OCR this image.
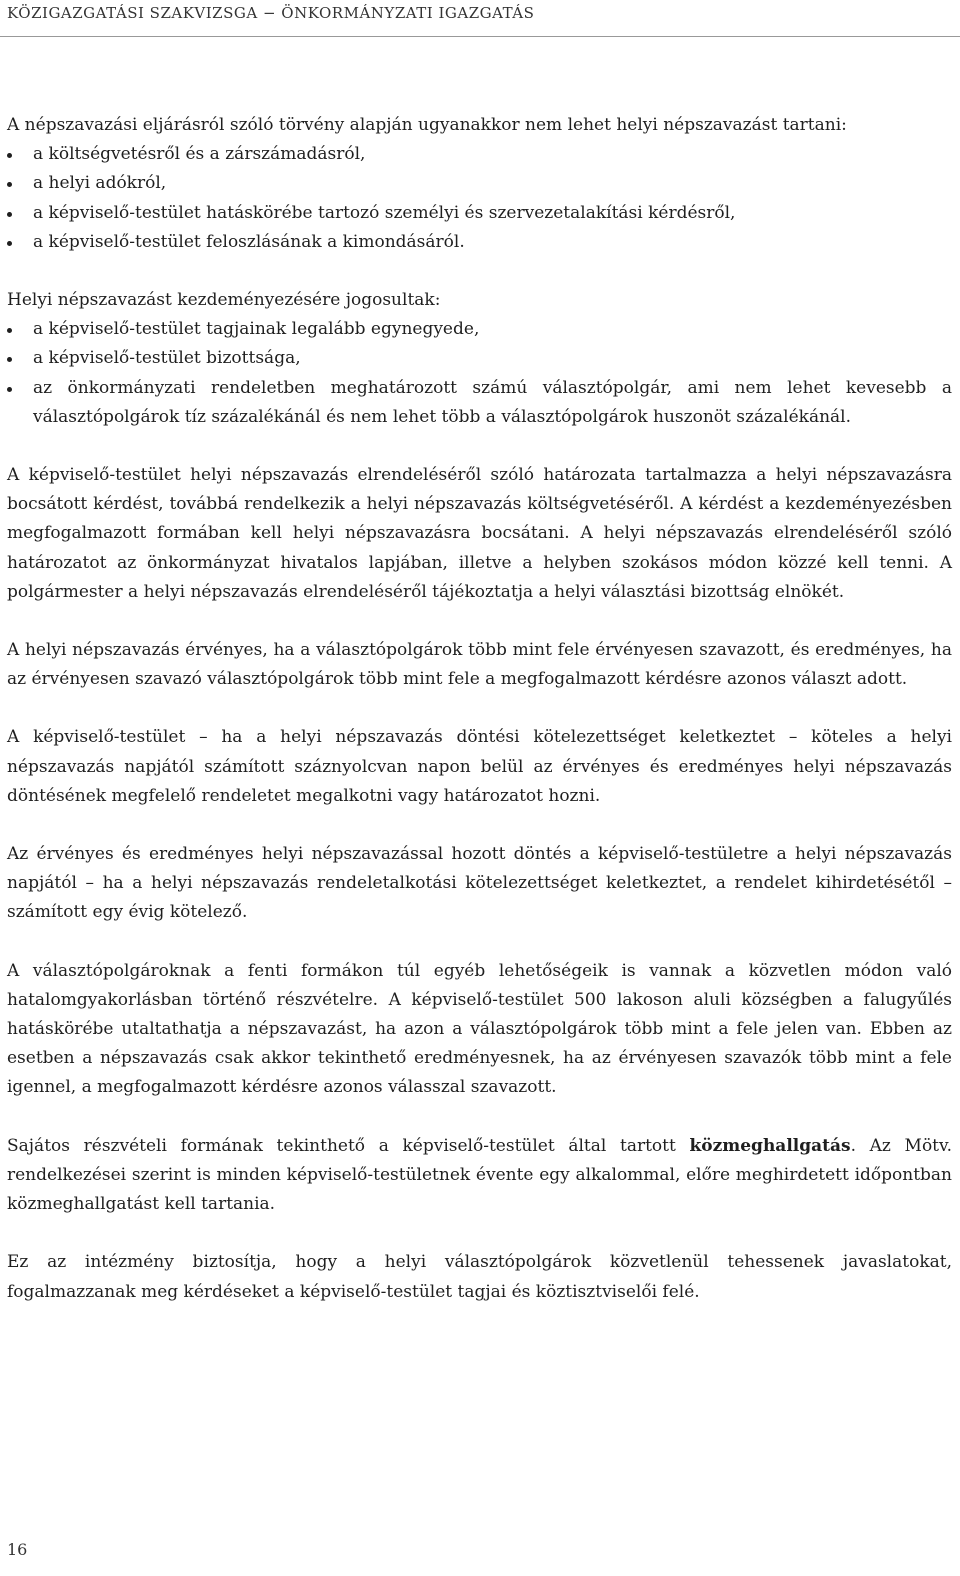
KÖZIGAZGATÁSI SZAKVIZSGA − ÖNKORMÁNYZATI IGAZGATÁS

A népszavazási eljárásról szóló törvény alapján ugyanakkor nem lehet helyi népszavazást tartani:

a költségvetésről és a zárszámadásról,
a helyi adókról,
a képviselő-testület hatáskörébe tartozó személyi és szervezetalakítási kérdésről,
a képviselő-testület feloszlásának a kimondásáról.

Helyi népszavazást kezdeményezésére jogosultak:

a képviselő-testület tagjainak legalább egynegyede,
a képviselő-testület bizottsága,
az önkormányzati rendeletben meghatározott számú választópolgár, ami nem lehet kevesebb a választópolgárok tíz százalékánál és nem lehet több a választópolgárok huszonöt százalékánál.

A képviselő-testület helyi népszavazás elrendeléséről szóló határozata tartalmazza a helyi népszavazásra bocsátott kérdést, továbbá rendelkezik a helyi népszavazás költségvetéséről. A kérdést a kezdeményezésben megfogalmazott formában kell helyi népszavazásra bocsátani. A helyi népszavazás elrendeléséről szóló határozatot az önkormányzat hivatalos lapjában, illetve a helyben szokásos módon közzé kell tenni. A polgármester a helyi népszavazás elrendeléséről tájékoztatja a helyi választási bizottság elnökét.

A helyi népszavazás érvényes, ha a választópolgárok több mint fele érvényesen szavazott, és eredményes, ha az érvényesen szavazó választópolgárok több mint fele a megfogalmazott kérdésre azonos választ adott.

A képviselő-testület – ha a helyi népszavazás döntési kötelezettséget keletkeztet – köteles a helyi népszavazás napjától számított száznyolcvan napon belül az érvényes és eredményes helyi népszavazás döntésének megfelelő rendeletet megalkotni vagy határozatot hozni.

Az érvényes és eredményes helyi népszavazással hozott döntés a képviselő-testületre a helyi népszavazás napjától – ha a helyi népszavazás rendeletalkotási kötelezettséget keletkeztet, a rendelet kihirdetésétől – számított egy évig kötelező.

A választópolgároknak a fenti formákon túl egyéb lehetőségeik is vannak a közvetlen módon való hatalomgyakorlásban történő részvételre. A képviselő-testület 500 lakoson aluli községben a falugyűlés hatáskörébe utaltathatja a népszavazást, ha azon a választópolgárok több mint a fele jelen van. Ebben az esetben a népszavazás csak akkor tekinthető eredményesnek, ha az érvényesen szavazók több mint a fele igennel, a megfogalmazott kérdésre azonos válasszal szavazott.

Sajátos részvételi formának tekinthető a képviselő-testület által tartott közmeghallgatás. Az Mötv. rendelkezései szerint is minden képviselő-testületnek évente egy alkalommal, előre meghirdetett időpontban közmeghallgatást kell tartania.

Ez az intézmény biztosítja, hogy a helyi választópolgárok közvetlenül tehessenek javaslatokat, fogalmazzanak meg kérdéseket a képviselő-testület tagjai és köztisztviselői felé.

16
